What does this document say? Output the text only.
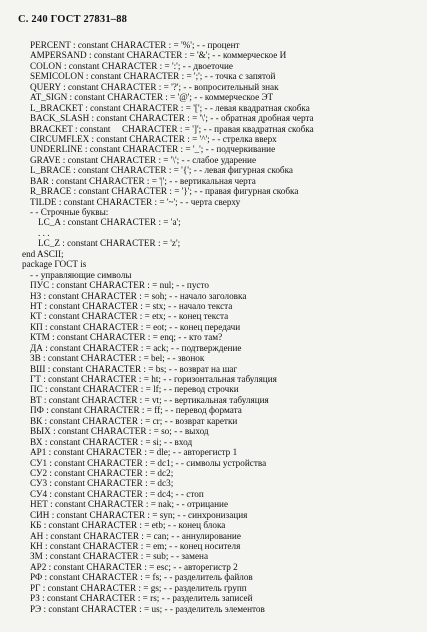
С. 240 ГОСТ 27831–88
PERCENT : constant CHARACTER : = '%'; - - процент
AMPERSAND : constant CHARACTER : = '&'; - - коммерческое И
COLON : constant CHARACTER : = ':'; - - двоеточие
SEMICOLON : constant CHARACTER : = ';'; - - точка с запятой
QUERY : constant CHARACTER : = '?'; - - вопросительный знак
AT_SIGN : constant CHARACTER : = '@'; - - коммерческое ЭТ
L_BRACKET : constant CHARACTER : = '['; - - левая квадратная скобка
BACK_SLASH : constant CHARACTER : = '\'; - - обратная дробная черта
BRACKET : constant     CHARACTER : = ']'; - - правая квадратная скобка
CIRCUMFLEX : constant CHARACTER : = '^'; - - стрелка вверх
UNDERLINE : constant CHARACTER : = '_'; - - подчеркивание
GRAVE : constant CHARACTER : = '\'; - - слабое ударение
L_BRACE : constant CHARACTER : = '{'; - - левая фигурная скобка
BAR : constant CHARACTER : = '|'; - - вертикальная черта
R_BRACE : constant CHARACTER : = '}'; - - правая фигурная скобка
TILDE : constant CHARACTER : = '~'; - - черта сверху
- - Строчные буквы:
LC_A : constant CHARACTER : = 'a';
. . .
LC_Z : constant CHARACTER : = 'z';
end ASCII;
package ГОСТ is
- - управляющие символы
ПУС : constant CHARACTER : = nul; - - пусто
НЗ : constant CHARACTER : = soh; - - начало заголовка
НТ : constant CHARACTER : = stx; - - начало текста
КТ : constant CHARACTER : = etx; - - конец текста
КП : constant CHARACTER : = eot; - - конец передачи
КТМ : constant CHARACTER : = enq; - - кто там?
ДА : constant CHARACTER : = ack; - - подтверждение
ЗВ : constant CHARACTER : = bel; - - звонок
ВШ : constant CHARACTER : = bs; - - возврат на шаг
ГТ : constant CHARACTER : = ht; - - горизонтальная табуляция
ПС : constant CHARACTER : = lf; - - перевод строчки
ВТ : constant CHARACTER : = vt; - - вертикальная табуляция
ПФ : constant CHARACTER : = ff; - - перевод формата
ВК : constant CHARACTER : = cr; - - возврат каретки
ВЫХ : constant CHARACTER : = so; - - выход
ВХ : constant CHARACTER : = si; - - вход
АР1 : constant CHARACTER : = dle; - - авторегистр 1
СУ1 : constant CHARACTER : = dc1; - - символы устройства
СУ2 : constant CHARACTER : = dc2;
СУ3 : constant CHARACTER : = dc3;
СУ4 : constant CHARACTER : = dc4; - - стоп
НЕТ : constant CHARACTER : = nak; - - отрицание
СИН : constant CHARACTER : = syn; - - синхронизация
КБ : constant CHARACTER : = etb; - - конец блока
АН : constant CHARACTER : = can; - - аннулирование
КН : constant CHARACTER : = em; - - конец носителя
ЗМ : constant CHARACTER : = sub; - - замена
АР2 : constant CHARACTER : = esc; - - авторегистр 2
РФ : constant CHARACTER : = fs; - - разделитель файлов
РГ : constant CHARACTER : = gs; - - разделитель групп
РЗ : constant CHARACTER : = rs; - - разделитель записей
РЭ : constant CHARACTER : = us; - - разделитель элементов
